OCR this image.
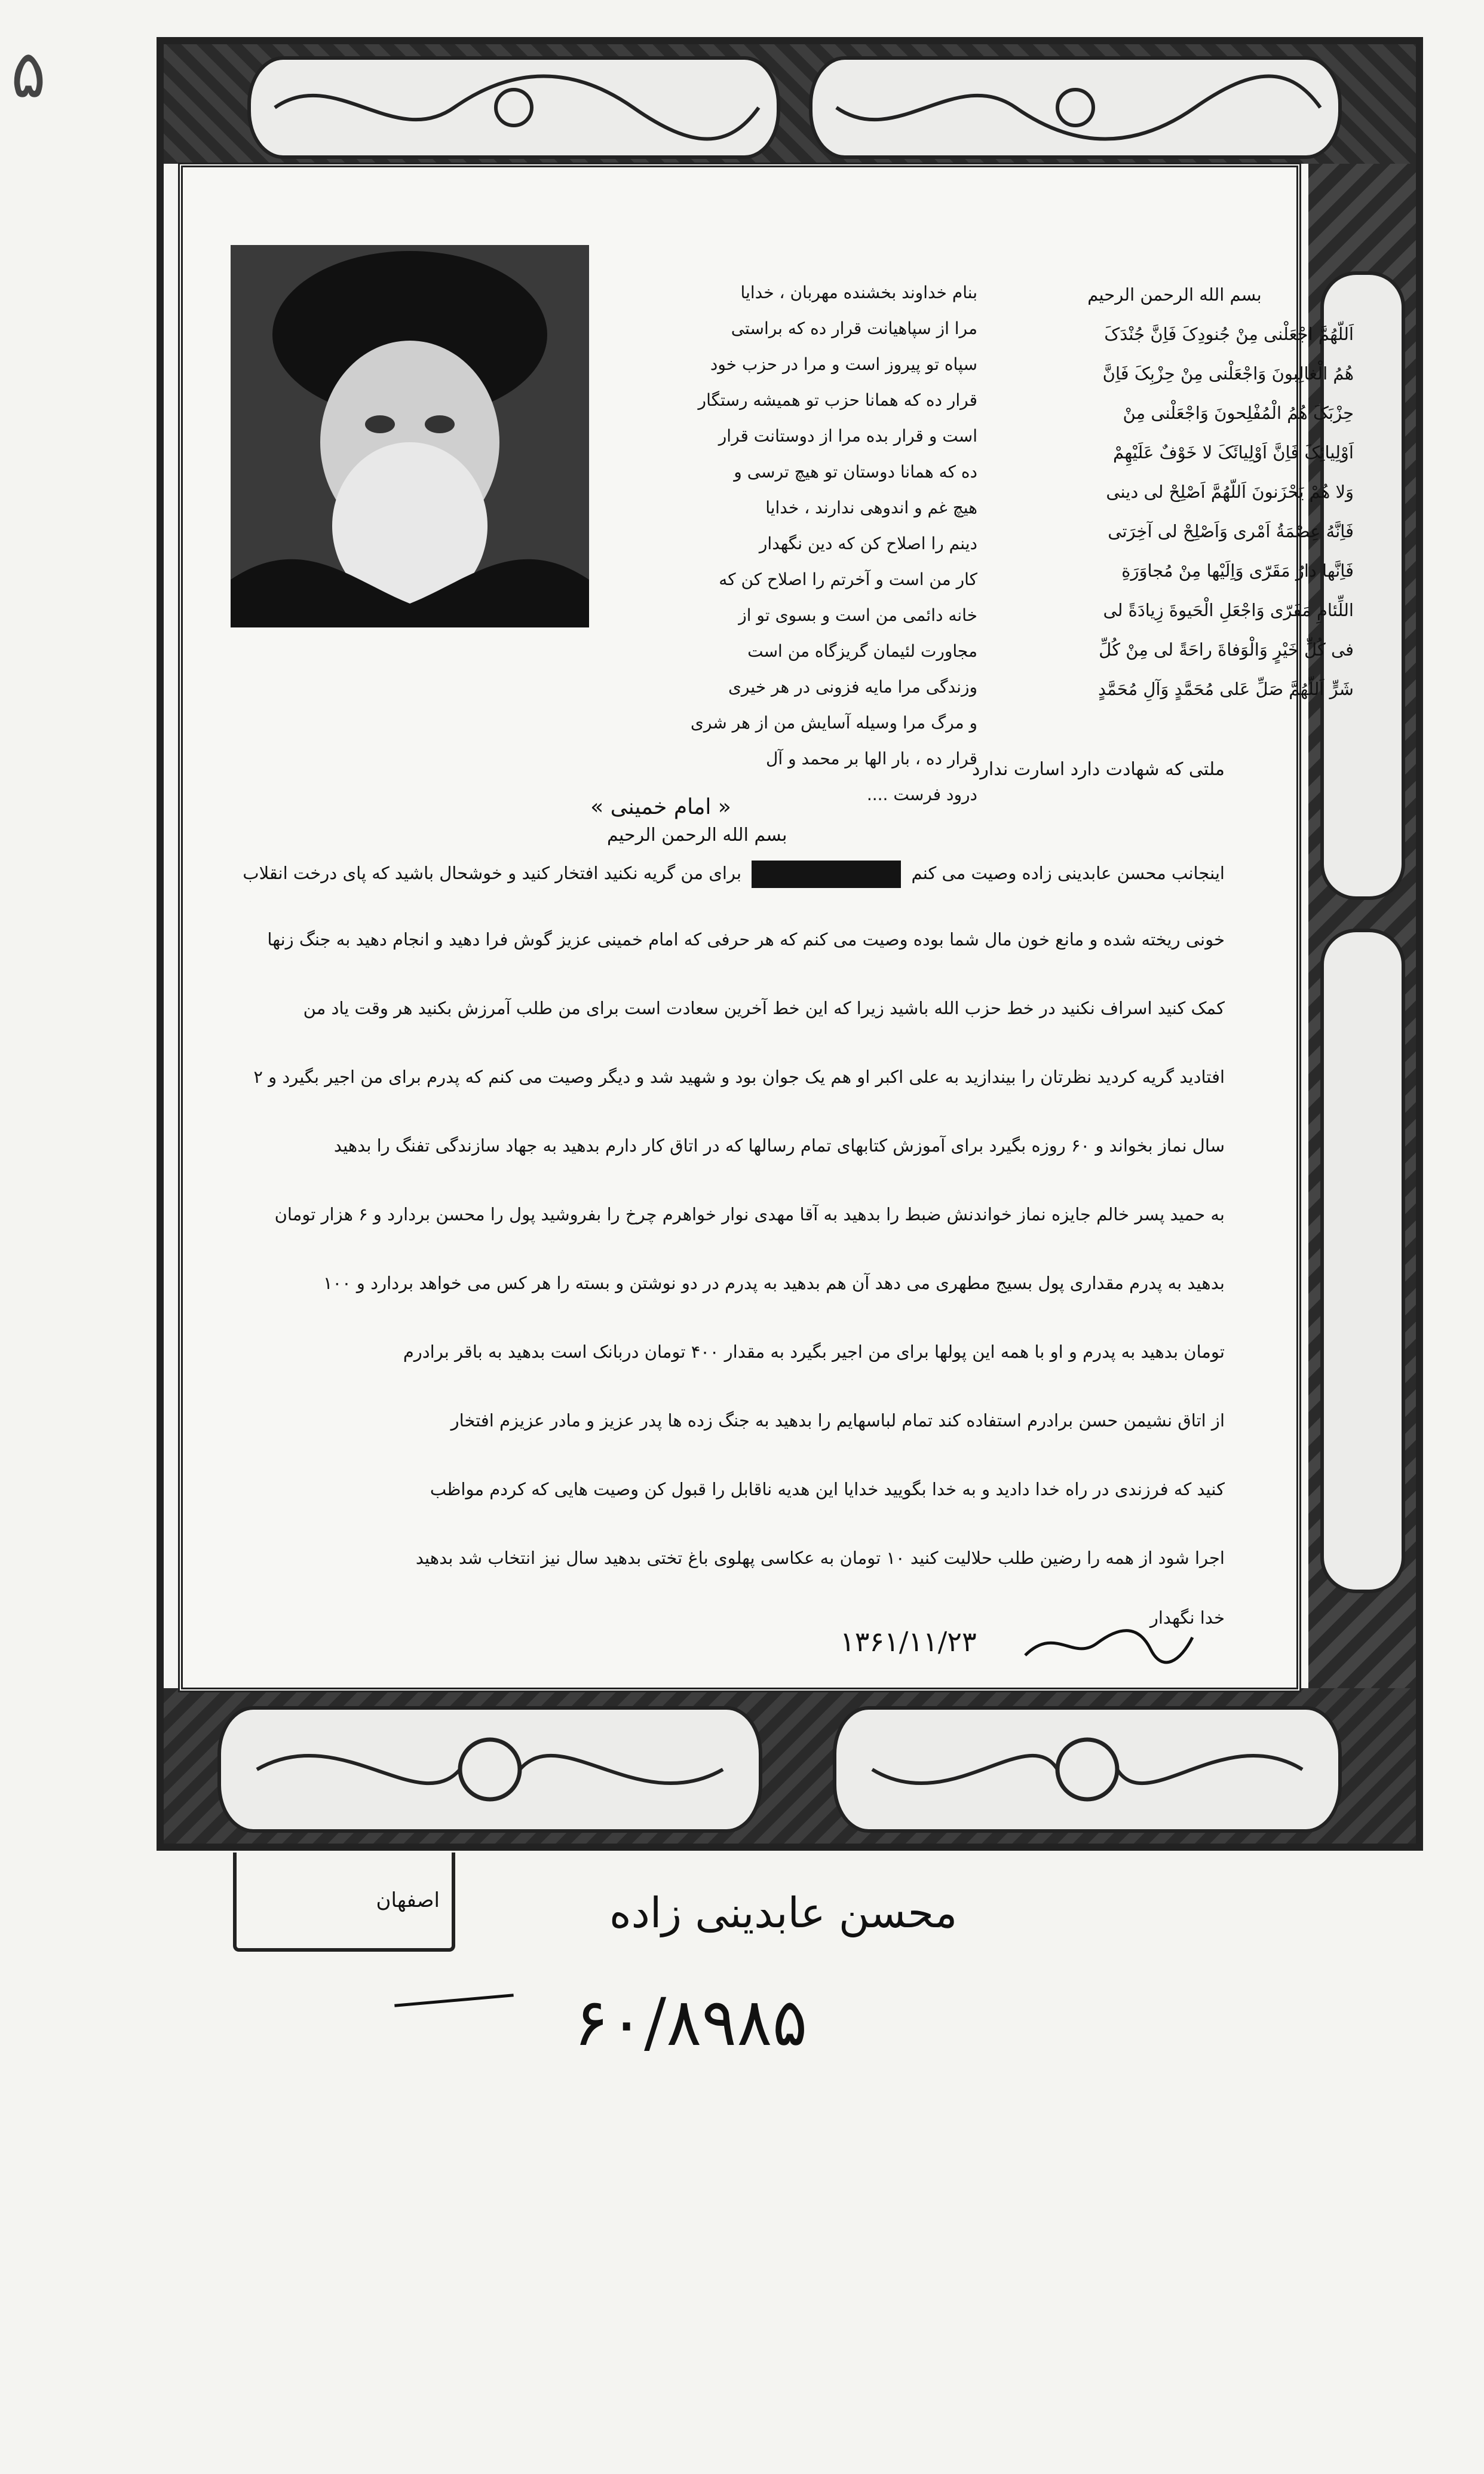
۵
بنام خداوند بخشنده مهربان ، خدایا
مرا از سپاهیانت قرار ده که براستی
سپاه تو پیروز است و مرا در حزب خود
قرار ده که همانا حزب تو همیشه رستگار
است و قرار بده مرا از دوستانت قرار
ده که همانا دوستان تو هیچ ترسی و
هیچ غم و اندوهی ندارند ، خدایا
دینم را اصلاح کن که دین نگهدار
کار من است و آخرتم را اصلاح کن که
خانه دائمی من است و بسوی تو از
مجاورت لئیمان گریزگاه من است
وزندگی مرا مایه فزونی در هر خیری
و مرگ مرا وسیله آسایش من از هر شری
قرار ده ، بار الها بر محمد و آل
درود فرست ....
بسم الله الرحمن الرحیم
بسم الله الرحمن الرحیم
اَللّهُمَّ اجْعَلْنی مِنْ جُنودِکَ فَاِنَّ جُنْدَکَ
هُمُ الْغالِبونَ وَاجْعَلْنی مِنْ حِزْبِکَ فَاِنَّ
حِزْبَکَ هُمُ الْمُفْلِحونَ وَاجْعَلْنی مِنْ
اَوْلِیائِکَ فَاِنَّ اَوْلِیائَکَ لا خَوْفٌ عَلَیْهِمْ
وَلا هُمْ یَحْزَنونَ اَللّهُمَّ اَصْلِحْ لی دینی
فَاِنَّهُ عِصْمَةُ اَمْری وَاَصْلِحْ لی آخِرَتی
فَاِنَّها دارُ مَقَرّی وَاِلَیْها مِنْ مُجاوَرَةِ
اللِّئامِ مَفَرّی وَاجْعَلِ الْحَیوةَ زِیادَةً لی
فی کُلِّ خَیْرٍ وَالْوَفاةَ راحَةً لی مِنْ کُلِّ
شَرٍّ اَللّهُمَّ صَلِّ عَلی مُحَمَّدٍ وَآلِ مُحَمَّدٍ
ملتی که شهادت دارد اسارت ندارد
« امام خمینی »
اینجانب محسن عابدینی زاده وصیت می کنم  برای من گریه نکنید افتخار کنید و خوشحال باشید که پای درخت انقلاب
خونی ریخته شده و مانع خون مال شما بوده وصیت می کنم که هر حرفی که امام خمینی عزیز گوش فرا دهید و انجام دهید به جنگ زنها
کمک کنید اسراف نکنید در خط حزب الله باشید زیرا که این خط آخرین سعادت است برای من طلب آمرزش بکنید هر وقت یاد من
افتادید گریه کردید نظرتان را بیندازید به علی اکبر او هم یک جوان بود و شهید شد و دیگر وصیت می کنم که پدرم برای من اجیر بگیرد و ۲
سال نماز بخواند و ۶۰ روزه بگیرد برای آموزش کتابهای تمام رسالها که در اتاق کار دارم بدهید به جهاد سازندگی تفنگ را بدهید
به حمید پسر خالم جایزه نماز خواندنش ضبط را بدهید به آقا مهدی نوار خواهرم چرخ را بفروشید پول را محسن بردارد و ۶ هزار تومان
بدهید به پدرم مقداری پول بسیج مطهری می دهد آن هم بدهید به پدرم در دو نوشتن و بسته را هر کس می خواهد بردارد و ۱۰۰
تومان بدهید به پدرم و او با همه این پولها برای من اجیر بگیرد به مقدار ۴۰۰ تومان دربانک است بدهید به باقر برادرم
از اتاق نشیمن حسن برادرم استفاده کند تمام لباسهایم را بدهید به جنگ زده ها پدر عزیز و مادر عزیزم افتخار
کنید که فرزندی در راه خدا دادید و به خدا بگویید خدایا این هدیه ناقابل را قبول کن وصیت هایی که کردم مواظب
اجرا شود از همه را رضین طلب حلالیت کنید ۱۰ تومان به عکاسی پهلوی باغ تختی بدهید سال نیز انتخاب شد بدهید
خدا نگهدار
۱۳۶۱/۱۱/۲۳
اصفهان	محسن عابدینی زاده
۶۰/۸۹۸۵
